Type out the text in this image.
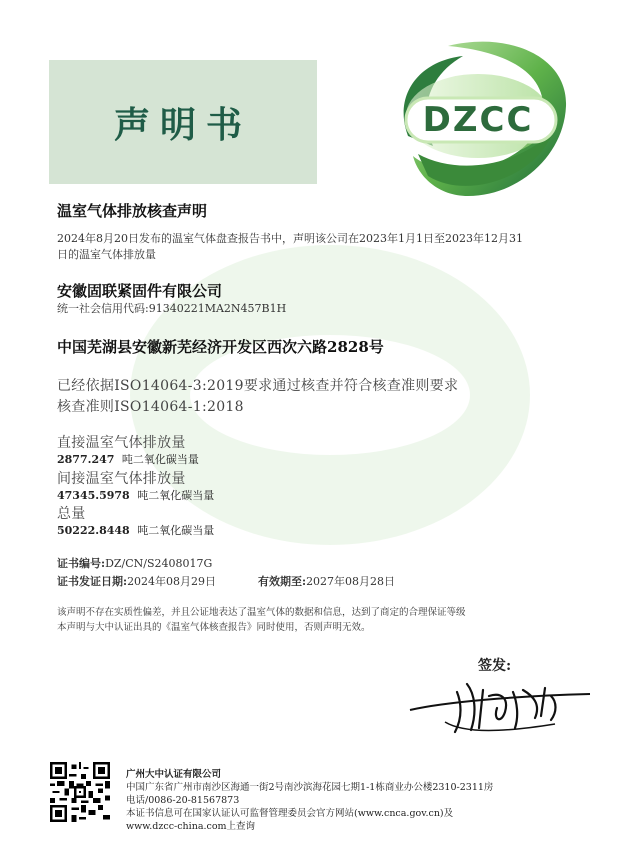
声明书	DZCC
温室气体排放核查声明
2024年8月20日发布的温室气体盘查报告书中，声明该公司在2023年1月1日至2023年12月31
日的温室气体排放量
安徽固联紧固件有限公司
统一社会信用代码:91340221MA2N457B1H
中国芜湖县安徽新芜经济开发区西次六路2828号
已经依据ISO14064-3:2019要求通过核查并符合核查准则要求
核查准则ISO14064-1:2018
直接温室气体排放量
2877.247 吨二氧化碳当量
间接温室气体排放量
47345.5978 吨二氧化碳当量
总量
50222.8448 吨二氧化碳当量
证书编号:DZ/CN/S2408017G
证书发证日期:2024年08月29日	有效期至:2027年08月28日
该声明不存在实质性偏差，并且公证地表达了温室气体的数据和信息，达到了商定的合理保证等级
本声明与大中认证出具的《温室气体核查报告》同时使用，否则声明无效。
签发:
广州大中认证有限公司
中国广东省广州市南沙区海通一街2号南沙滨海花园七期1-1栋商业办公楼2310-2311房
电话/0086-20-81567873
本证书信息可在国家认证认可监督管理委员会官方网站(www.cnca.gov.cn)及
www.dzcc-china.com上查询
